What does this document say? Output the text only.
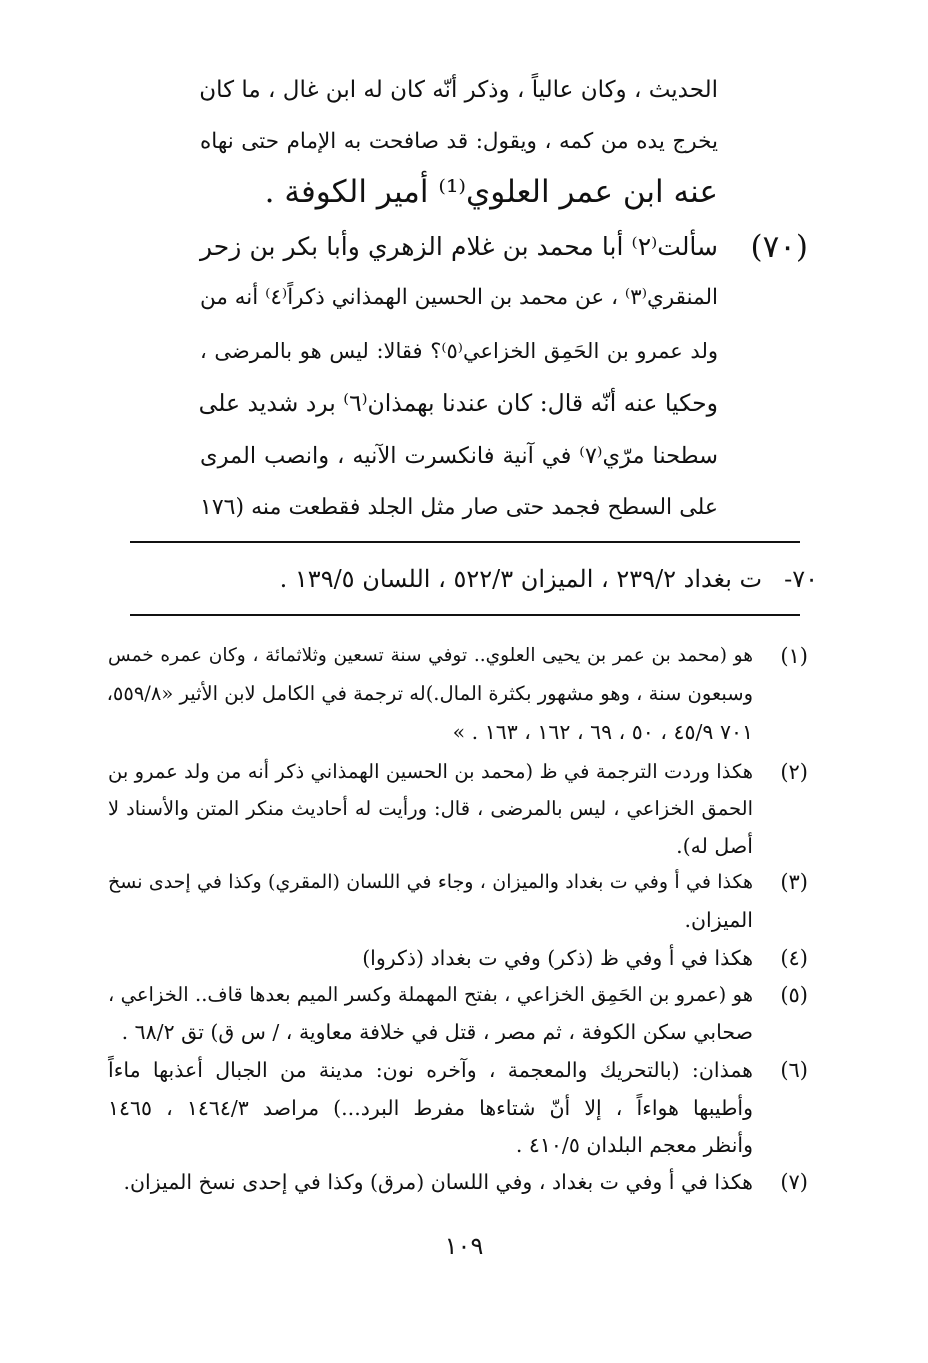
الحديث ، وكان عالياً ، وذكر أنّه كان له ابن غال ، ما كان
يخرج يده من كمه ، ويقول: قد صافحت به الإمام حتى نهاه
عنه ابن عمر العلوي⁽¹⁾ أمير الكوفة .
(٧٠)
سألت⁽٢⁾ أبا محمد بن غلام الزهري وأبا بكر بن زحر
المنقري⁽٣⁾ ، عن محمد بن الحسين الهمذاني ذكراً⁽٤⁾ أنه من
ولد عمرو بن الحَمِق الخزاعي⁽٥⁾؟ فقالا: ليس هو بالمرضى ،
وحكيا عنه أنّه قال: كان عندنا بهمذان⁽٦⁾ برد شديد على
سطحنا مرّي⁽٧⁾ في آنية فانكسرت الآنيه ، وانصب المرى
على السطح فجمد حتى صار مثل الجلد فقطعت منه (١٧٦
٧٠-ت بغداد ٢٣٩/٢ ، الميزان ٥٢٢/٣ ، اللسان ١٣٩/٥ .
(١)
هو (محمد بن عمر بن يحيى العلوي.. توفي سنة تسعين وثلاثمائة ، وكان عمره خمس
وسبعون سنة ، وهو مشهور بكثرة المال.)له ترجمة في الكامل لابن الأثير «٥٥٩/٨،
٧٠١ ٤٥/٩ ، ٥٠ ، ٦٩ ، ١٦٢ ، ١٦٣ . »
(٢)
هكذا وردت الترجمة في ظ (محمد بن الحسين الهمذاني ذكر أنه من ولد عمرو بن
الحمق الخزاعي ، ليس بالمرضى ، قال: ورأيت له أحاديث منكر المتن والأسناد لا
أصل له).
(٣)
هكذا في أ وفي ت بغداد والميزان ، وجاء في اللسان (المقري) وكذا في إحدى نسخ
الميزان.
(٤)
هكذا في أ وفي ظ (ذكر) وفي ت بغداد (ذكروا)
(٥)
هو (عمرو بن الحَمِق الخزاعي ، بفتح المهملة وكسر الميم بعدها قاف.. الخزاعي ،
صحابي سكن الكوفة ، ثم مصر ، قتل في خلافة معاوية ، / س ق) تق ٦٨/٢ .
(٦)
همذان: (بالتحريك والمعجمة ، وآخره نون: مدينة من الجبال أعذبها ماءاً
وأطيبها هواءاً ، إلا أنّ شتاءها مفرط البرد...) مراصد ١٤٦٤/٣ ، ١٤٦٥
وأنظر معجم البلدان ٤١٠/٥ .
(٧)
هكذا في أ وفي ت بغداد ، وفي اللسان (مرق) وكذا في إحدى نسخ الميزان.
١٠٩
